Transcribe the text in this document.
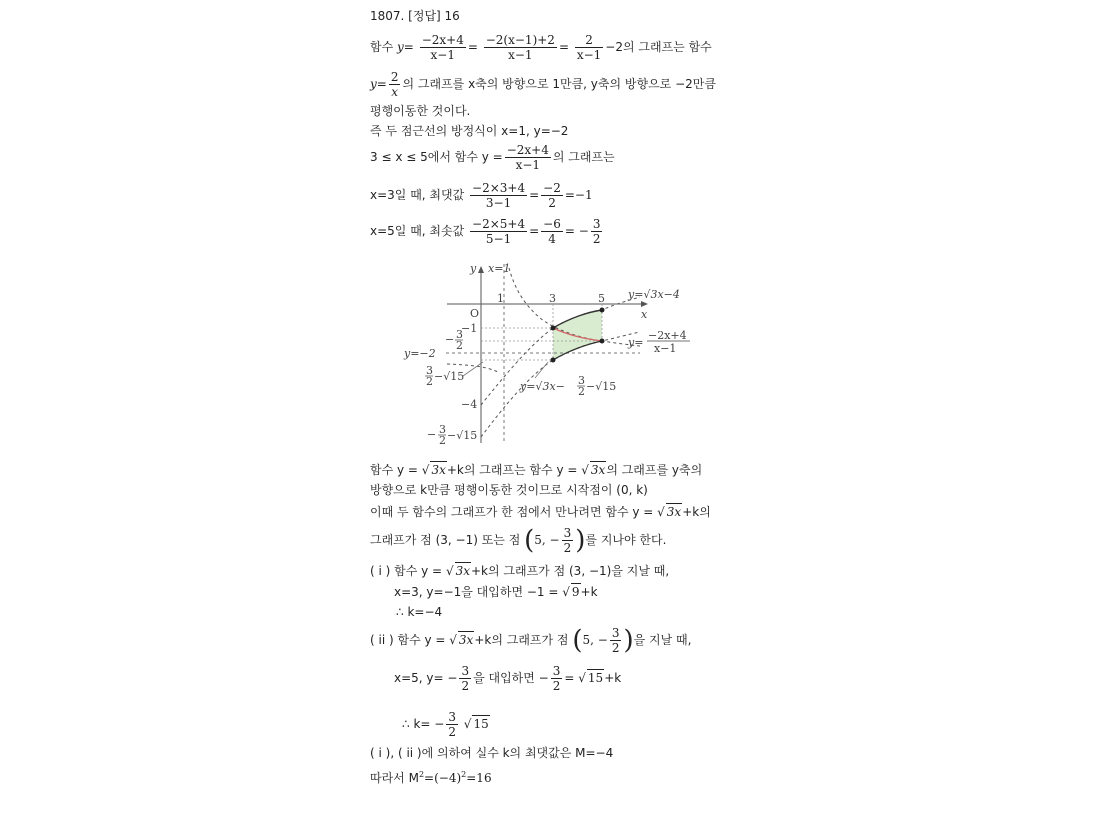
1807. [정답] 16
함수 $y= \frac{-2x+4}{x-1} = \frac{-2(x-1)+2}{x-1} = \frac{2}{x-1} -2$의 그래프는 함수
$y= \frac{2}{x}$ 의 그래프를 x축의 방향으로 1만큼, y축의 방향으로 −2만큼
평행이동한 것이다.
즉 두 점근선의 방정식이 x=1, y=−2
3 ≤ x ≤ 5에서 함수 $y = \frac{-2x+4}{x-1}$ 의 그래프는
x=3일 때, 최댓값 $\frac{-2\times 3+4}{3-1} = \frac{-2}{2} =-1$
x=5일 때, 최솟값 $\frac{-2\times 5+4}{5-1} = \frac{-6}{4}$ = − $\frac{3}{2}$
y x=1
1	3	5
x
O
−1
− 3
2
y=−2
3
2 −√15
−4
− 3
2 −√15
y=√3x−4
y=
−2x+4
x−1
y=√3x− 3
2 −√15
함수 y = √ 3x+k의 그래프는 함수 y = √ 3x의 그래프를 y축의
방향으로 k만큼 평행이동한 것이므로 시작점이 (0, k)
이때 두 함수의 그래프가 한 점에서 만나려면 함수 y = √ 3x+k의
그래프가 점 (3, −1) 또는 점 (5, − $\frac{3}{2}$ )를 지나야 한다.
( i ) 함수 y = √ 3x+k의 그래프가 점 (3, −1)을 지날 때,
x=3, y=−1을 대입하면 −1 = √ 9+k
∴ k=−4
( ii ) 함수 y = √ 3x+k의 그래프가 점 (5, − $\frac{3}{2}$ )을 지날 때,
x=5, $y= - \frac{3}{2}$ 을 대입하면 − $\frac{3}{2}$ = √ 15+k
∴ $k= - \frac{3}{2}$ √ 15
( i ), ( ii )에 의하여 실수 k의 최댓값은 M=−4
따라서 $M^2=(-4)^2=16$
